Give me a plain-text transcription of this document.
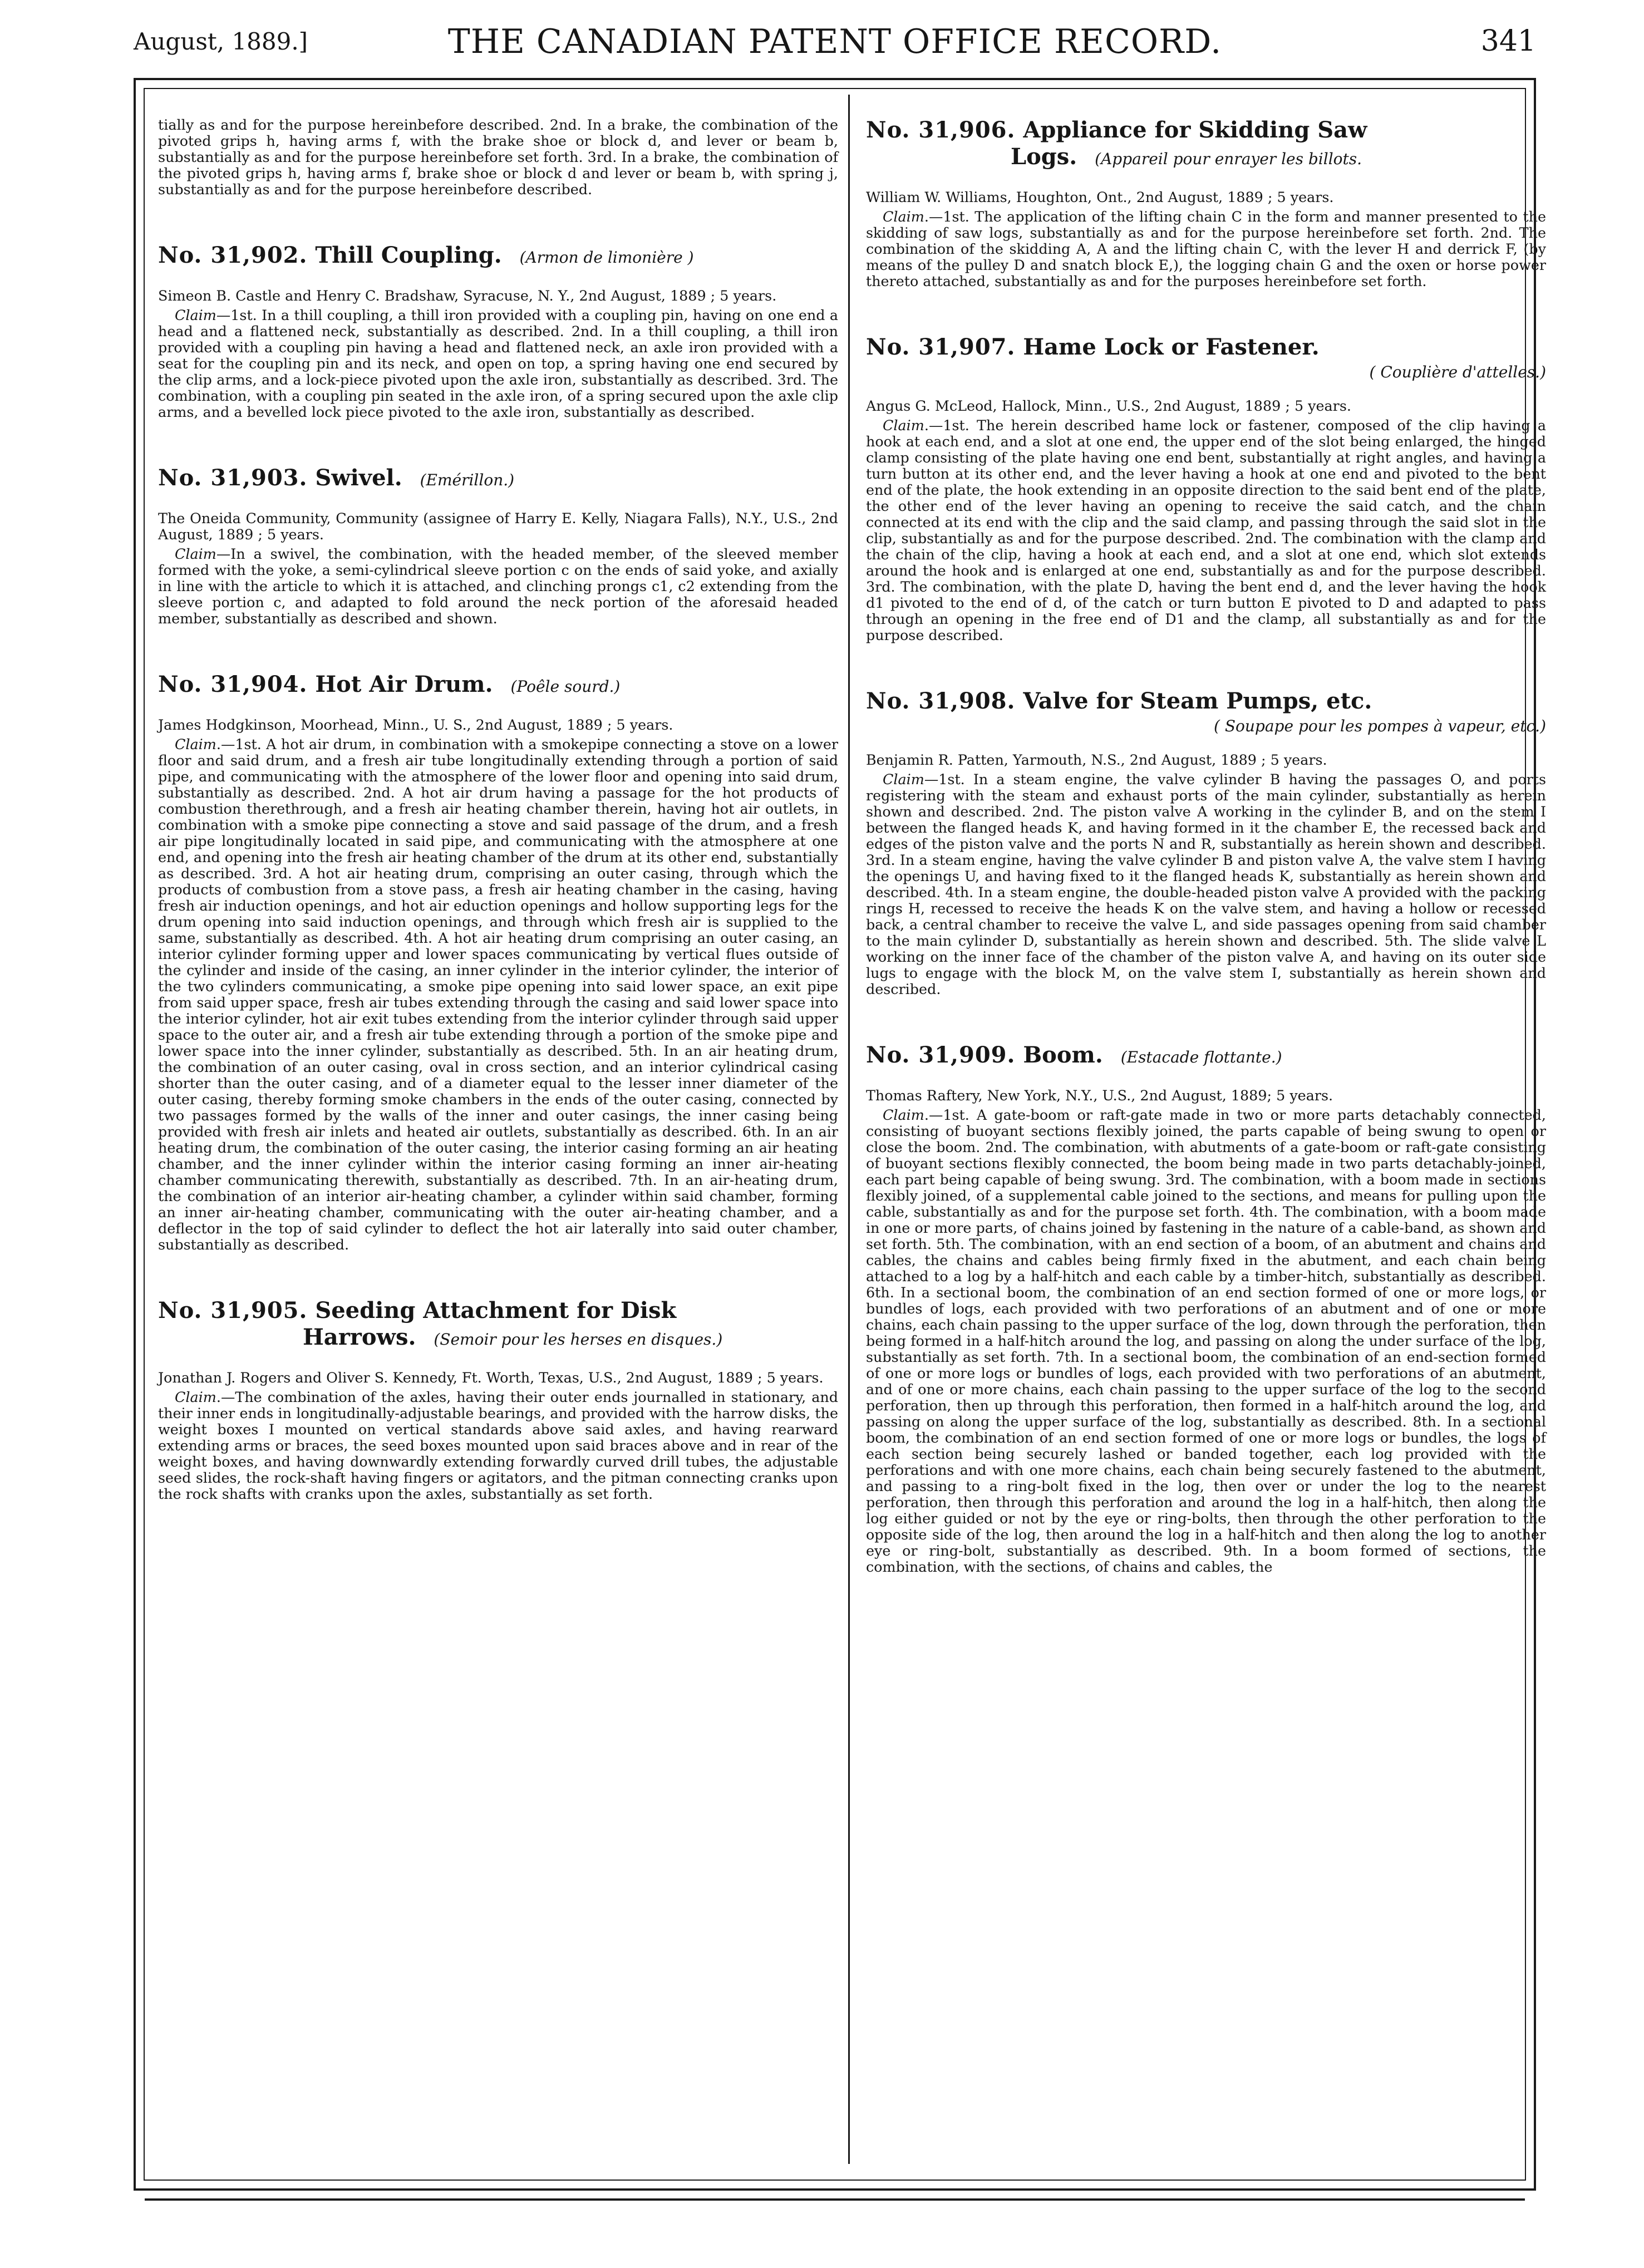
August, 1889.]	THE CANADIAN PATENT OFFICE RECORD.	341

tially as and for the purpose hereinbefore described. 2nd. In a brake, the combination of the pivoted grips h, having arms f, with the brake shoe or block d, and lever or beam b, substantially as and for the purpose hereinbefore set forth. 3rd. In a brake, the combination of the pivoted grips h, having arms f, brake shoe or block d and lever or beam b, with spring j, substantially as and for the purpose hereinbefore described.

No. 31,902. Thill Coupling. (Armon de limonière )

Simeon B. Castle and Henry C. Bradshaw, Syracuse, N. Y., 2nd August, 1889 ; 5 years.

Claim—1st. In a thill coupling, a thill iron provided with a coupling pin, having on one end a head and a flattened neck, substantially as described. 2nd. In a thill coupling, a thill iron provided with a coupling pin having a head and flattened neck, an axle iron provided with a seat for the coupling pin and its neck, and open on top, a spring having one end secured by the clip arms, and a lock-piece pivoted upon the axle iron, substantially as described. 3rd. The combination, with a coupling pin seated in the axle iron, of a spring secured upon the axle clip arms, and a bevelled lock piece pivoted to the axle iron, substantially as described.

No. 31,903. Swivel. (Emérillon.)

The Oneida Community, Community (assignee of Harry E. Kelly, Niagara Falls), N.Y., U.S., 2nd August, 1889 ; 5 years.

Claim—In a swivel, the combination, with the headed member, of the sleeved member formed with the yoke, a semi-cylindrical sleeve portion c on the ends of said yoke, and axially in line with the article to which it is attached, and clinching prongs c1, c2 extending from the sleeve portion c, and adapted to fold around the neck portion of the aforesaid headed member, substantially as described and shown.

No. 31,904. Hot Air Drum. (Poêle sourd.)

James Hodgkinson, Moorhead, Minn., U. S., 2nd August, 1889 ; 5 years.

Claim.—1st. A hot air drum, in combination with a smokepipe connecting a stove on a lower floor and said drum, and a fresh air tube longitudinally extending through a portion of said pipe, and communicating with the atmosphere of the lower floor and opening into said drum, substantially as described. 2nd. A hot air drum having a passage for the hot products of combustion therethrough, and a fresh air heating chamber therein, having hot air outlets, in combination with a smoke pipe connecting a stove and said passage of the drum, and a fresh air pipe longitudinally located in said pipe, and communicating with the atmosphere at one end, and opening into the fresh air heating chamber of the drum at its other end, substantially as described. 3rd. A hot air heating drum, comprising an outer casing, through which the products of combustion from a stove pass, a fresh air heating chamber in the casing, having fresh air induction openings, and hot air eduction openings and hollow supporting legs for the drum opening into said induction openings, and through which fresh air is supplied to the same, substantially as described. 4th. A hot air heating drum comprising an outer casing, an interior cylinder forming upper and lower spaces communicating by vertical flues outside of the cylinder and inside of the casing, an inner cylinder in the interior cylinder, the interior of the two cylinders communicating, a smoke pipe opening into said lower space, an exit pipe from said upper space, fresh air tubes extending through the casing and said lower space into the interior cylinder, hot air exit tubes extending from the interior cylinder through said upper space to the outer air, and a fresh air tube extending through a portion of the smoke pipe and lower space into the inner cylinder, substantially as described. 5th. In an air heating drum, the combination of an outer casing, oval in cross section, and an interior cylindrical casing shorter than the outer casing, and of a diameter equal to the lesser inner diameter of the outer casing, thereby forming smoke chambers in the ends of the outer casing, connected by two passages formed by the walls of the inner and outer casings, the inner casing being provided with fresh air inlets and heated air outlets, substantially as described. 6th. In an air heating drum, the combination of the outer casing, the interior casing forming an air heating chamber, and the inner cylinder within the interior casing forming an inner air-heating chamber communicating therewith, substantially as described. 7th. In an air-heating drum, the combination of an interior air-heating chamber, a cylinder within said chamber, forming an inner air-heating chamber, communicating with the outer air-heating chamber, and a deflector in the top of said cylinder to deflect the hot air laterally into said outer chamber, substantially as described.

No. 31,905. Seeding Attachment for Disk

Harrows. (Semoir pour les herses en disques.)

Jonathan J. Rogers and Oliver S. Kennedy, Ft. Worth, Texas, U.S., 2nd August, 1889 ; 5 years.

Claim.—The combination of the axles, having their outer ends journalled in stationary, and their inner ends in longitudinally-adjustable bearings, and provided with the harrow disks, the weight boxes I mounted on vertical standards above said axles, and having rearward extending arms or braces, the seed boxes mounted upon said braces above and in rear of the weight boxes, and having downwardly extending forwardly curved drill tubes, the adjustable seed slides, the rock-shaft having fingers or agitators, and the pitman connecting cranks upon the rock shafts with cranks upon the axles, substantially as set forth.

No. 31,906. Appliance for Skidding Saw

Logs. (Appareil pour enrayer les billots.

William W. Williams, Houghton, Ont., 2nd August, 1889 ; 5 years.

Claim.—1st. The application of the lifting chain C in the form and manner presented to the skidding of saw logs, substantially as and for the purpose hereinbefore set forth. 2nd. The combination of the skidding A, A and the lifting chain C, with the lever H and derrick F, (by means of the pulley D and snatch block E,), the logging chain G and the oxen or horse power thereto attached, substantially as and for the purposes hereinbefore set forth.

No. 31,907. Hame Lock or Fastener.

( Couplière d'attelles.)

Angus G. McLeod, Hallock, Minn., U.S., 2nd August, 1889 ; 5 years.

Claim.—1st. The herein described hame lock or fastener, composed of the clip having a hook at each end, and a slot at one end, the upper end of the slot being enlarged, the hinged clamp consisting of the plate having one end bent, substantially at right angles, and having a turn button at its other end, and the lever having a hook at one end and pivoted to the bent end of the plate, the hook extending in an opposite direction to the said bent end of the plate, the other end of the lever having an opening to receive the said catch, and the chain connected at its end with the clip and the said clamp, and passing through the said slot in the clip, substantially as and for the purpose described. 2nd. The combination with the clamp and the chain of the clip, having a hook at each end, and a slot at one end, which slot extends around the hook and is enlarged at one end, substantially as and for the purpose described. 3rd. The combination, with the plate D, having the bent end d, and the lever having the hook d1 pivoted to the end of d, of the catch or turn button E pivoted to D and adapted to pass through an opening in the free end of D1 and the clamp, all substantially as and for the purpose described.

No. 31,908. Valve for Steam Pumps, etc.

( Soupape pour les pompes à vapeur, etc.)

Benjamin R. Patten, Yarmouth, N.S., 2nd August, 1889 ; 5 years.

Claim—1st. In a steam engine, the valve cylinder B having the passages O, and ports registering with the steam and exhaust ports of the main cylinder, substantially as herein shown and described. 2nd. The piston valve A working in the cylinder B, and on the stem I between the flanged heads K, and having formed in it the chamber E, the recessed back and edges of the piston valve and the ports N and R, substantially as herein shown and described. 3rd. In a steam engine, having the valve cylinder B and piston valve A, the valve stem I having the openings U, and having fixed to it the flanged heads K, substantially as herein shown and described. 4th. In a steam engine, the double-headed piston valve A provided with the packing rings H, recessed to receive the heads K on the valve stem, and having a hollow or recessed back, a central chamber to receive the valve L, and side passages opening from said chamber to the main cylinder D, substantially as herein shown and described. 5th. The slide valve L working on the inner face of the chamber of the piston valve A, and having on its outer side lugs to engage with the block M, on the valve stem I, substantially as herein shown and described.

No. 31,909. Boom. (Estacade flottante.)

Thomas Raftery, New York, N.Y., U.S., 2nd August, 1889; 5 years.

Claim.—1st. A gate-boom or raft-gate made in two or more parts detachably connected, consisting of buoyant sections flexibly joined, the parts capable of being swung to open or close the boom. 2nd. The combination, with abutments of a gate-boom or raft-gate consisting of buoyant sections flexibly connected, the boom being made in two parts detachably-joined, each part being capable of being swung. 3rd. The combination, with a boom made in sections flexibly joined, of a supplemental cable joined to the sections, and means for pulling upon the cable, substantially as and for the purpose set forth. 4th. The combination, with a boom made in one or more parts, of chains joined by fastening in the nature of a cable-band, as shown and set forth. 5th. The combination, with an end section of a boom, of an abutment and chains and cables, the chains and cables being firmly fixed in the abutment, and each chain being attached to a log by a half-hitch and each cable by a timber-hitch, substantially as described. 6th. In a sectional boom, the combination of an end section formed of one or more logs, or bundles of logs, each provided with two perforations of an abutment and of one or more chains, each chain passing to the upper surface of the log, down through the perforation, then being formed in a half-hitch around the log, and passing on along the under surface of the log, substantially as set forth. 7th. In a sectional boom, the combination of an end-section formed of one or more logs or bundles of logs, each provided with two perforations of an abutment, and of one or more chains, each chain passing to the upper surface of the log to the second perforation, then up through this perforation, then formed in a half-hitch around the log, and passing on along the upper surface of the log, substantially as described. 8th. In a sectional boom, the combination of an end section formed of one or more logs or bundles, the logs of each section being securely lashed or banded together, each log provided with the perforations and with one more chains, each chain being securely fastened to the abutment, and passing to a ring-bolt fixed in the log, then over or under the log to the nearest perforation, then through this perforation and around the log in a half-hitch, then along the log either guided or not by the eye or ring-bolts, then through the other perforation to the opposite side of the log, then around the log in a half-hitch and then along the log to another eye or ring-bolt, substantially as described. 9th. In a boom formed of sections, the combination, with the sections, of chains and cables, the
